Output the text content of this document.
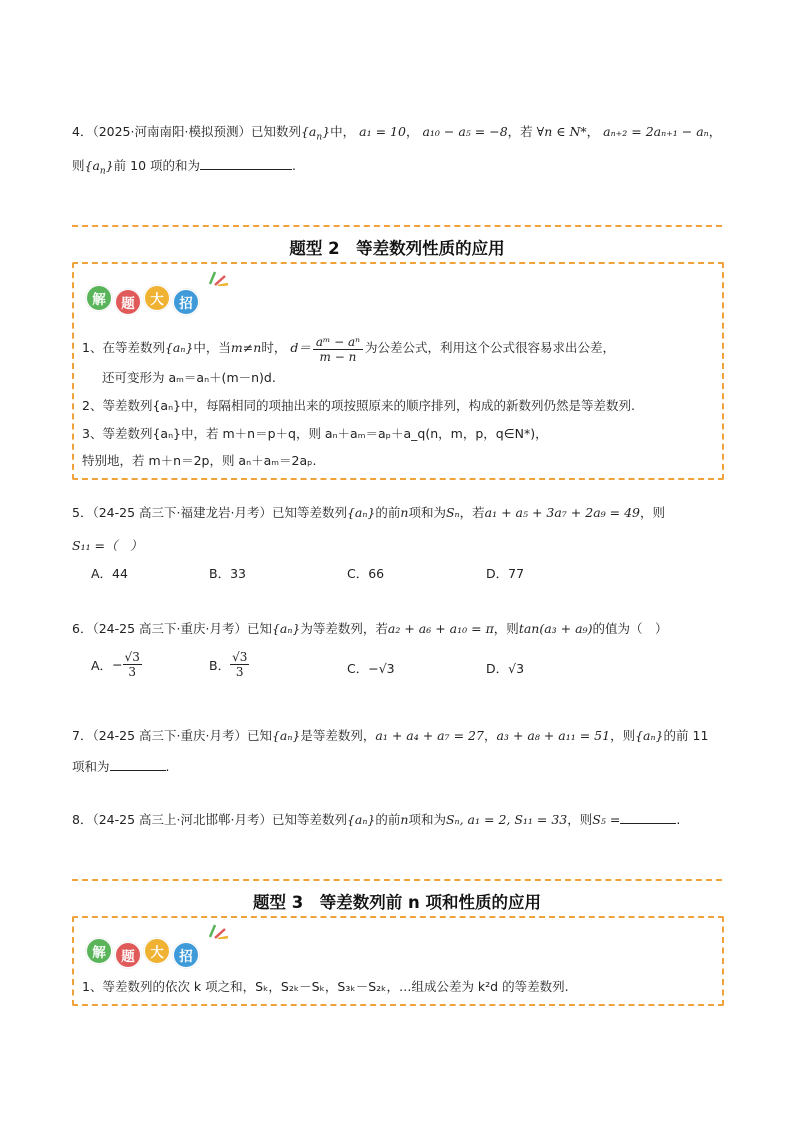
4．（2025·河南南阳·模拟预测）已知数列$\{a_n\}$中， a₁ = 10， a₁₀ − a₅ = −8，若 ∀n ∈ N*， aₙ₊₂ = 2aₙ₊₁ − aₙ，
则$\{a_n\}$前 10 项的和为	.
题型 2　等差数列性质的应用
解	题	大	招
1、在等差数列{aₙ}中，当m≠n时， $d= \frac{\text{aᵐ − aⁿ}}{m - n}$ 为公差公式，利用这个公式很容易求出公差，
还可变形为 aₘ＝aₙ＋(m－n)d.
2、等差数列{aₙ}中，每隔相同的项抽出来的项按照原来的顺序排列，构成的新数列仍然是等差数列.
3、等差数列{aₙ}中，若 m＋n＝p＋q，则 aₙ＋aₘ＝aₚ＋a_q(n，m，p，q∈N*)，
特别地，若 m＋n＝2p，则 aₙ＋aₘ＝2aₚ.
5．（24-25 高三下·福建龙岩·月考）已知等差数列{aₙ}的前n项和为Sₙ，若a₁ + a₅ + 3a₇ + 2a₉ = 49，则
S₁₁ =（　）
A．44	B．33	C．66	D．77
6．（24-25 高三下·重庆·月考）已知{aₙ}为等差数列，若a₂ + a₆ + a₁₀ = π，则tan(a₃ + a₉)的值为（　）
A． − $\frac{√3}{3}$	B．
√3
3	C．−√3	D．√3
7．（24-25 高三下·重庆·月考）已知{aₙ}是等差数列，a₁ + a₄ + a₇ = 27，a₃ + a₈ + a₁₁ = 51，则{aₙ}的前 11
项和为	.
8．（24-25 高三上·河北邯郸·月考）已知等差数列{aₙ}的前n项和为Sₙ, a₁ = 2, S₁₁ = 33，则S₅ =	.
题型 3　等差数列前 n 项和性质的应用
解	题	大	招
1、等差数列的依次 k 项之和，Sₖ，S₂ₖ－Sₖ，S₃ₖ－S₂ₖ，…组成公差为 k²d 的等差数列.
